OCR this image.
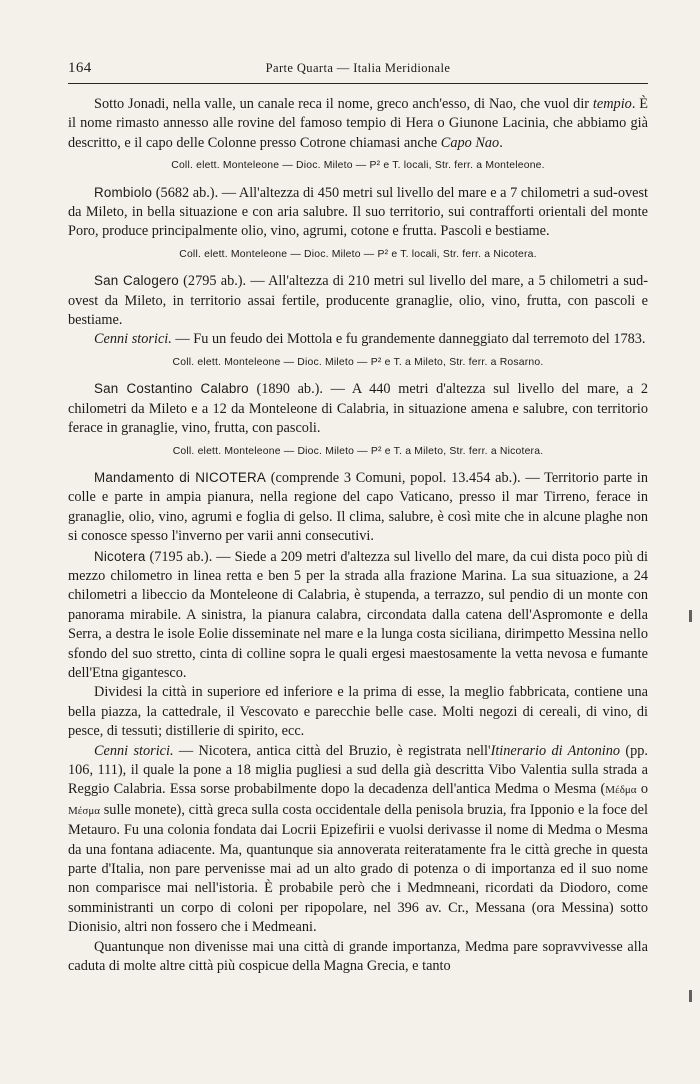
164	Parte Quarta — Italia Meridionale

Sotto Jonadi, nella valle, un canale reca il nome, greco anch'esso, di Nao, che vuol dir tempio. È il nome rimasto annesso alle rovine del famoso tempio di Hera o Giunone Lacinia, che abbiamo già descritto, e il capo delle Colonne presso Cotrone chiamasi anche Capo Nao.

Coll. elett. Monteleone — Dioc. Mileto — P² e T. locali, Str. ferr. a Monteleone.

Rombiolo (5682 ab.). — All'altezza di 450 metri sul livello del mare e a 7 chilometri a sud-ovest da Mileto, in bella situazione e con aria salubre. Il suo territorio, sui contrafforti orientali del monte Poro, produce principalmente olio, vino, agrumi, cotone e frutta. Pascoli e bestiame.

Coll. elett. Monteleone — Dioc. Mileto — P² e T. locali, Str. ferr. a Nicotera.

San Calogero (2795 ab.). — All'altezza di 210 metri sul livello del mare, a 5 chilometri a sud-ovest da Mileto, in territorio assai fertile, producente granaglie, olio, vino, frutta, con pascoli e bestiame.

Cenni storici. — Fu un feudo dei Mottola e fu grandemente danneggiato dal terremoto del 1783.

Coll. elett. Monteleone — Dioc. Mileto — P² e T. a Mileto, Str. ferr. a Rosarno.

San Costantino Calabro (1890 ab.). — A 440 metri d'altezza sul livello del mare, a 2 chilometri da Mileto e a 12 da Monteleone di Calabria, in situazione amena e salubre, con territorio ferace in granaglie, vino, frutta, con pascoli.

Coll. elett. Monteleone — Dioc. Mileto — P² e T. a Mileto, Str. ferr. a Nicotera.

Mandamento di NICOTERA (comprende 3 Comuni, popol. 13.454 ab.). — Territorio parte in colle e parte in ampia pianura, nella regione del capo Vaticano, presso il mar Tirreno, ferace in granaglie, olio, vino, agrumi e foglia di gelso. Il clima, salubre, è così mite che in alcune plaghe non si conosce spesso l'inverno per varii anni consecutivi.

Nicotera (7195 ab.). — Siede a 209 metri d'altezza sul livello del mare, da cui dista poco più di mezzo chilometro in linea retta e ben 5 per la strada alla frazione Marina. La sua situazione, a 24 chilometri a libeccio da Monteleone di Calabria, è stupenda, a terrazzo, sul pendio di un monte con panorama mirabile. A sinistra, la pianura calabra, circondata dalla catena dell'Aspromonte e della Serra, a destra le isole Eolie disseminate nel mare e la lunga costa siciliana, dirimpetto Messina nello sfondo del suo stretto, cinta di colline sopra le quali ergesi maestosamente la vetta nevosa e fumante dell'Etna gigantesco.

Dividesi la città in superiore ed inferiore e la prima di esse, la meglio fabbricata, contiene una bella piazza, la cattedrale, il Vescovato e parecchie belle case. Molti negozi di cereali, di vino, di pesce, di tessuti; distillerie di spirito, ecc.

Cenni storici. — Nicotera, antica città del Bruzio, è registrata nell'Itinerario di Antonino (pp. 106, 111), il quale la pone a 18 miglia pugliesi a sud della già descritta Vibo Valentia sulla strada a Reggio Calabria. Essa sorse probabilmente dopo la decadenza dell'antica Medma o Mesma (Μέδμα o Μέσμα sulle monete), città greca sulla costa occidentale della penisola bruzia, fra Ipponio e la foce del Metauro. Fu una colonia fondata dai Locrii Epizefirii e vuolsi derivasse il nome di Medma o Mesma da una fontana adiacente. Ma, quantunque sia annoverata reiteratamente fra le città greche in questa parte d'Italia, non pare pervenisse mai ad un alto grado di potenza o di importanza ed il suo nome non comparisce mai nell'istoria. È probabile però che i Medmneani, ricordati da Diodoro, come somministranti un corpo di coloni per ripopolare, nel 396 av. Cr., Messana (ora Messina) sotto Dionisio, altri non fossero che i Medmeani.

Quantunque non divenisse mai una città di grande importanza, Medma pare sopravvivesse alla caduta di molte altre città più cospicue della Magna Grecia, e tanto
